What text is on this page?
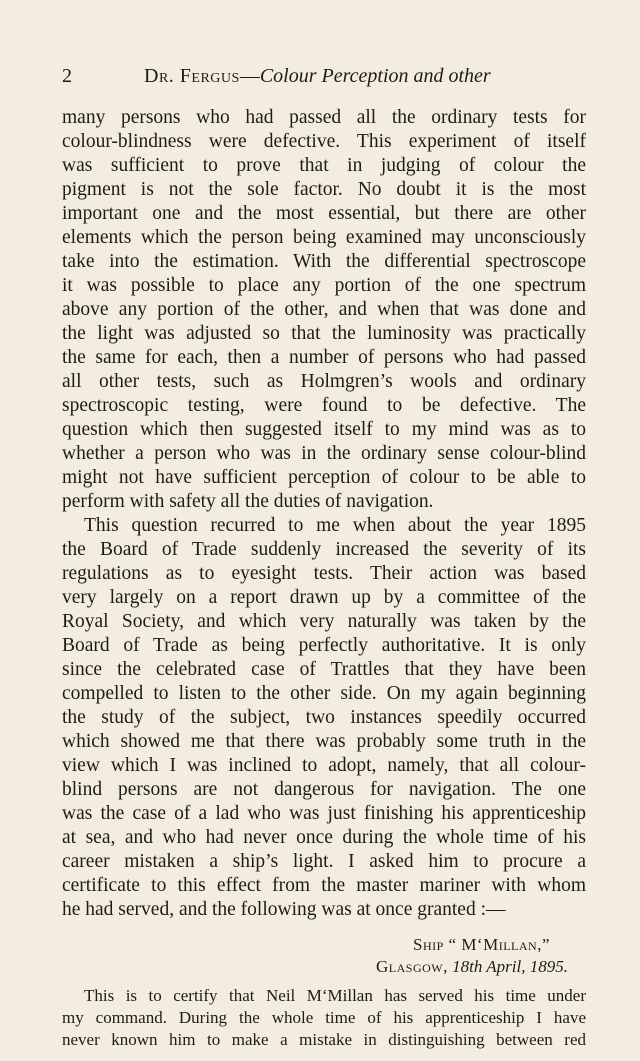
2	Dr. Fergus—Colour Perception and other
many persons who had passed all the ordinary tests for
colour-blindness were defective. This experiment of itself
was sufficient to prove that in judging of colour the
pigment is not the sole factor. No doubt it is the most
important one and the most essential, but there are other
elements which the person being examined may unconsciously
take into the estimation. With the differential spectroscope
it was possible to place any portion of the one spectrum
above any portion of the other, and when that was done and
the light was adjusted so that the luminosity was practically
the same for each, then a number of persons who had passed
all other tests, such as Holmgren’s wools and ordinary
spectroscopic testing, were found to be defective. The
question which then suggested itself to my mind was as to
whether a person who was in the ordinary sense colour-blind
might not have sufficient perception of colour to be able to
perform with safety all the duties of navigation.
This question recurred to me when about the year 1895
the Board of Trade suddenly increased the severity of its
regulations as to eyesight tests. Their action was based
very largely on a report drawn up by a committee of the
Royal Society, and which very naturally was taken by the
Board of Trade as being perfectly authoritative. It is only
since the celebrated case of Trattles that they have been
compelled to listen to the other side. On my again beginning
the study of the subject, two instances speedily occurred
which showed me that there was probably some truth in the
view which I was inclined to adopt, namely, that all colour-
blind persons are not dangerous for navigation. The one
was the case of a lad who was just finishing his apprenticeship
at sea, and who had never once during the whole time of his
career mistaken a ship’s light. I asked him to procure a
certificate to this effect from the master mariner with whom
he had served, and the following was at once granted :—
Ship “ M‘Millan,”
Glasgow, 18th April, 1895.
This is to certify that Neil M‘Millan has served his time under
my command. During the whole time of his apprenticeship I have
never known him to make a mistake in distinguishing between red
